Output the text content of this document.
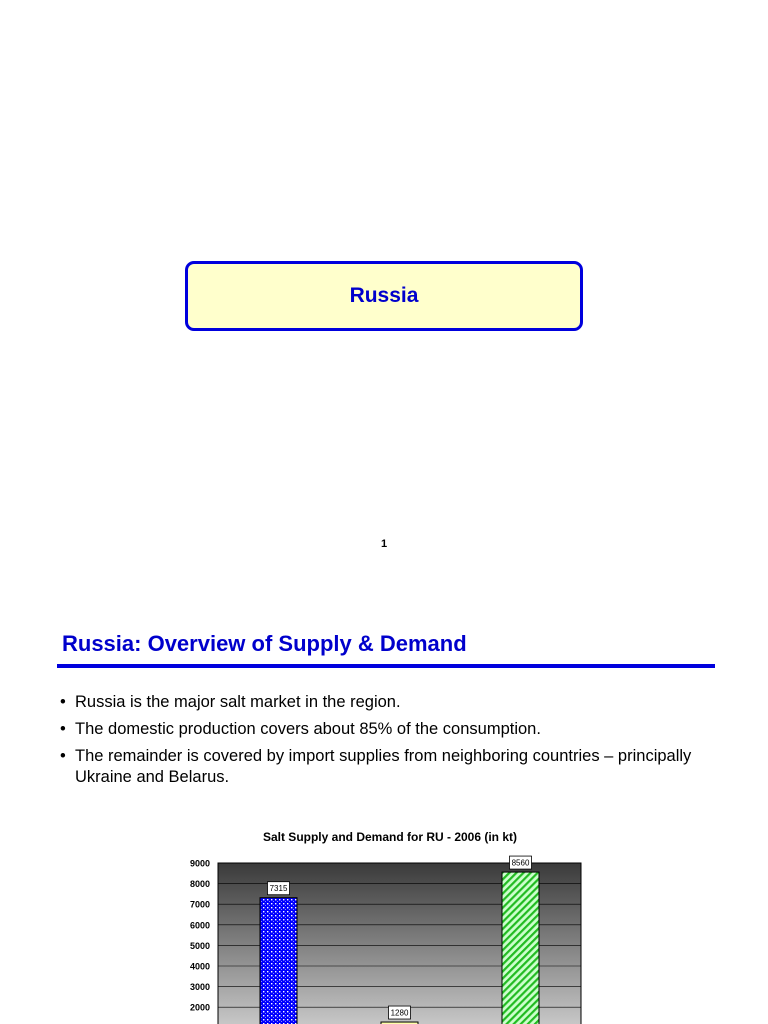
Russia
1
Russia: Overview of Supply & Demand
• Russia is the major salt market in the region.
• The domestic production covers about 85% of the consumption.
• The remainder is covered by import supplies from neighboring countries – principally Ukraine and Belarus.
Salt Supply and Demand for RU - 2006 (in kt)
2000
3000
4000
5000
6000
7000
8000
9000
7315
1280
8560
